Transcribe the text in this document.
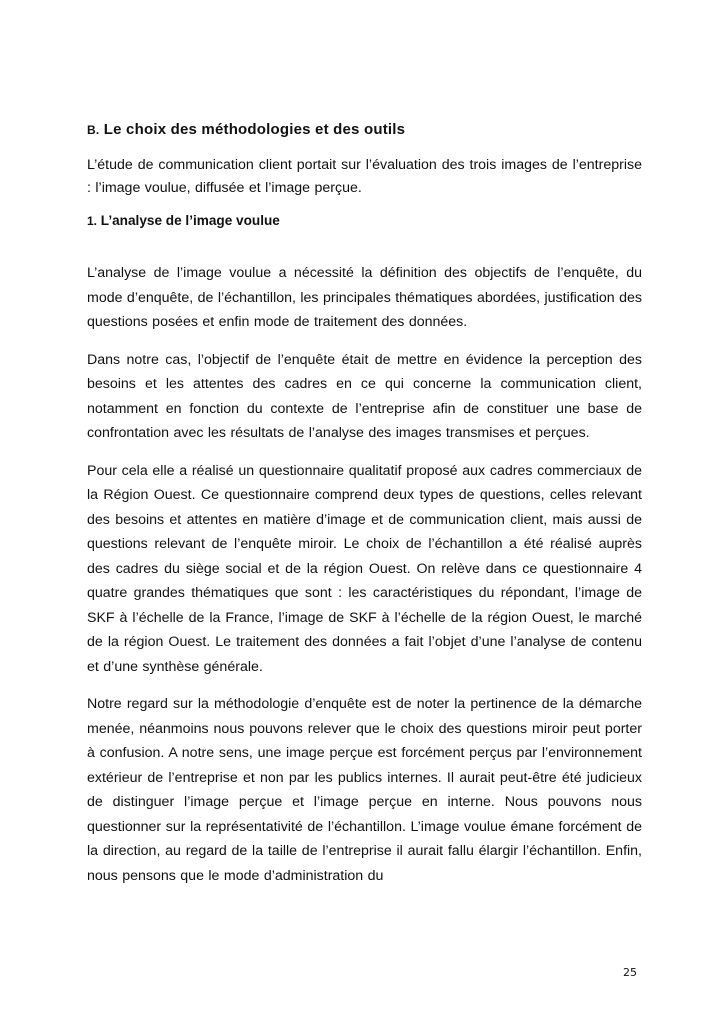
B. Le choix des méthodologies et des outils
L’étude de communication client portait sur l’évaluation des trois images de l’entreprise : l’image voulue, diffusée et l’image perçue.
1. L’analyse de l’image voulue
L’analyse de l’image voulue a nécessité la définition des objectifs de l’enquête, du mode d’enquête, de l’échantillon, les principales thématiques abordées, justification des questions posées et enfin mode de traitement des données.
Dans notre cas, l’objectif de l’enquête était de mettre en évidence la perception des besoins et les attentes des cadres en ce qui concerne la communication client, notamment en fonction du contexte de l’entreprise afin de constituer une base de confrontation avec les résultats de l’analyse des images transmises et perçues.
Pour cela elle a réalisé un questionnaire qualitatif proposé aux cadres commerciaux de la Région Ouest. Ce questionnaire comprend deux types de questions, celles relevant des besoins et attentes en matière d’image et de communication client, mais aussi de questions relevant de l’enquête miroir. Le choix de l’échantillon a été réalisé auprès des cadres du siège social et de la région Ouest. On relève dans ce questionnaire 4 quatre grandes thématiques que sont : les caractéristiques du répondant, l’image de SKF à l’échelle de la France, l’image de SKF à l’échelle de la région Ouest, le marché de la région Ouest. Le traitement des données a fait l’objet d’une l’analyse de contenu et d’une synthèse générale.
Notre regard sur la méthodologie d’enquête est de noter la pertinence de la démarche menée, néanmoins nous pouvons relever que le choix des questions miroir peut porter à confusion. A notre sens, une image perçue est forcément perçus par l’environnement extérieur de l’entreprise et non par les publics internes. Il aurait peut-être été judicieux de distinguer l’image perçue et l’image perçue en interne. Nous pouvons nous questionner sur la représentativité de l’échantillon. L’image voulue émane forcément de la direction, au regard de la taille de l’entreprise il aurait fallu élargir l’échantillon. Enfin, nous pensons que le mode d’administration du
25
